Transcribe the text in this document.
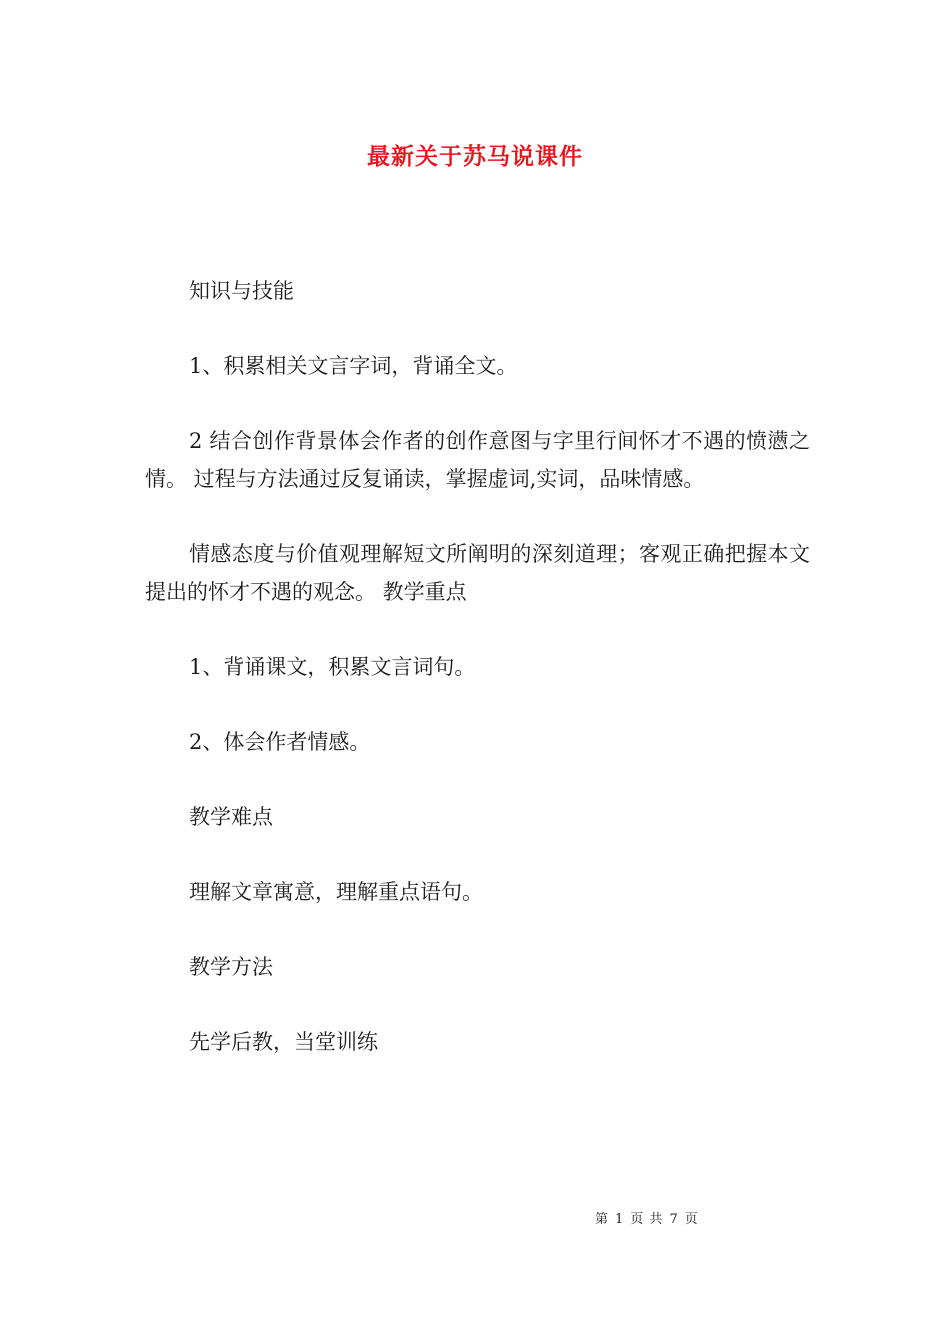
最新关于苏马说课件

知识与技能

1、积累相关文言字词，背诵全文。

2 结合创作背景体会作者的创作意图与字里行间怀才不遇的愤懑之情。 过程与方法通过反复诵读，掌握虚词,实词，品味情感。

情感态度与价值观理解短文所阐明的深刻道理；客观正确把握本文提出的怀才不遇的观念。 教学重点

1、背诵课文，积累文言词句。

2、体会作者情感。

教学难点

理解文章寓意，理解重点语句。

教学方法

先学后教，当堂训练

第 1 页 共 7 页
